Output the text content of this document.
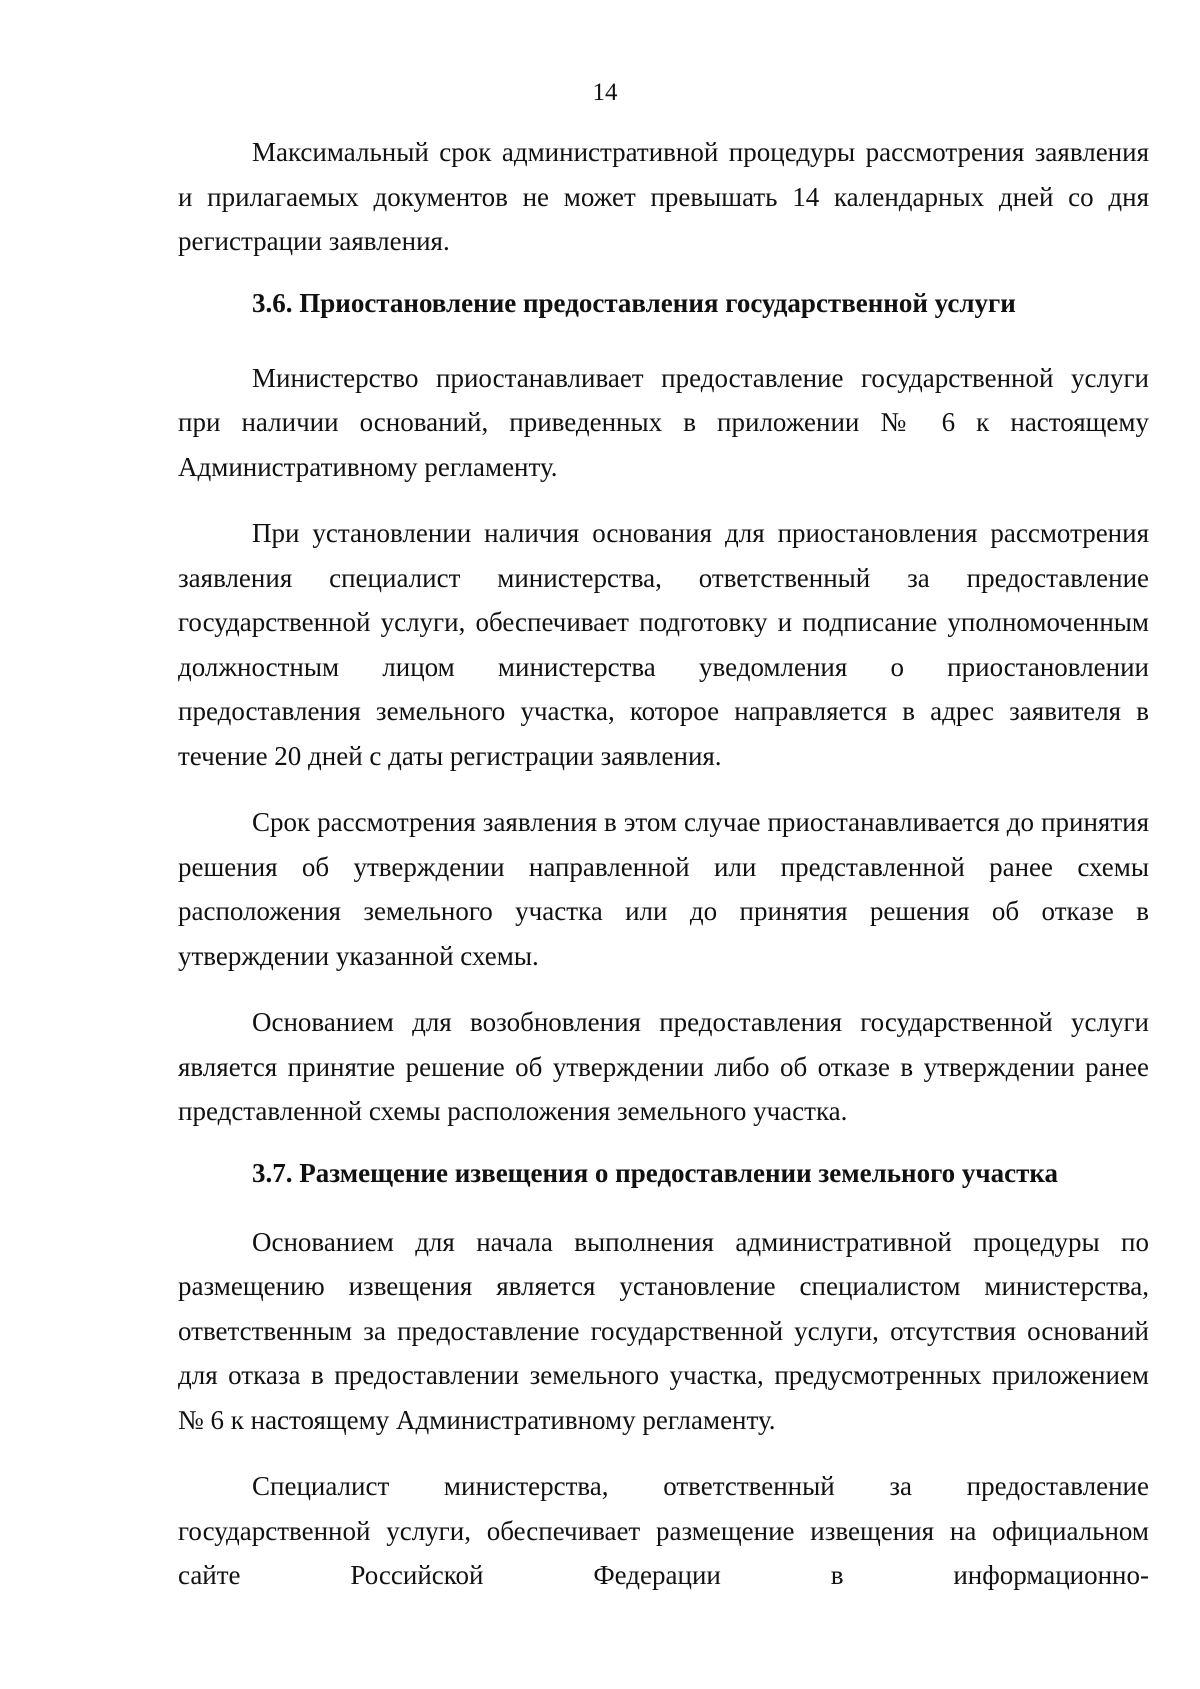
14

Максимальный срок административной процедуры рассмотрения заявления и прилагаемых документов не может превышать 14 календарных дней со дня регистрации заявления.

3.6. Приостановление предоставления государственной услуги

Министерство приостанавливает предоставление государственной услуги при наличии оснований, приведенных в приложении № 6 к настоящему Административному регламенту.

При установлении наличия основания для приостановления рассмотрения заявления специалист министерства, ответственный за предоставление государственной услуги, обеспечивает подготовку и подписание уполномоченным должностным лицом министерства уведомления о приостановлении предоставления земельного участка, которое направляется в адрес заявителя в течение 20 дней с даты регистрации заявления.

Срок рассмотрения заявления в этом случае приостанавливается до принятия решения об утверждении направленной или представленной ранее схемы расположения земельного участка или до принятия решения об отказе в утверждении указанной схемы.

Основанием для возобновления предоставления государственной услуги является принятие решение об утверждении либо об отказе в утверждении ранее представленной схемы расположения земельного участка.

3.7. Размещение извещения о предоставлении земельного участка

Основанием для начала выполнения административной процедуры по размещению извещения является установление специалистом министерства, ответственным за предоставление государственной услуги, отсутствия оснований для отказа в предоставлении земельного участка, предусмотренных приложением № 6 к настоящему Административному регламенту.

Специалист министерства, ответственный за предоставление государственной услуги, обеспечивает размещение извещения на официальном сайте Российской Федерации в информационно-
